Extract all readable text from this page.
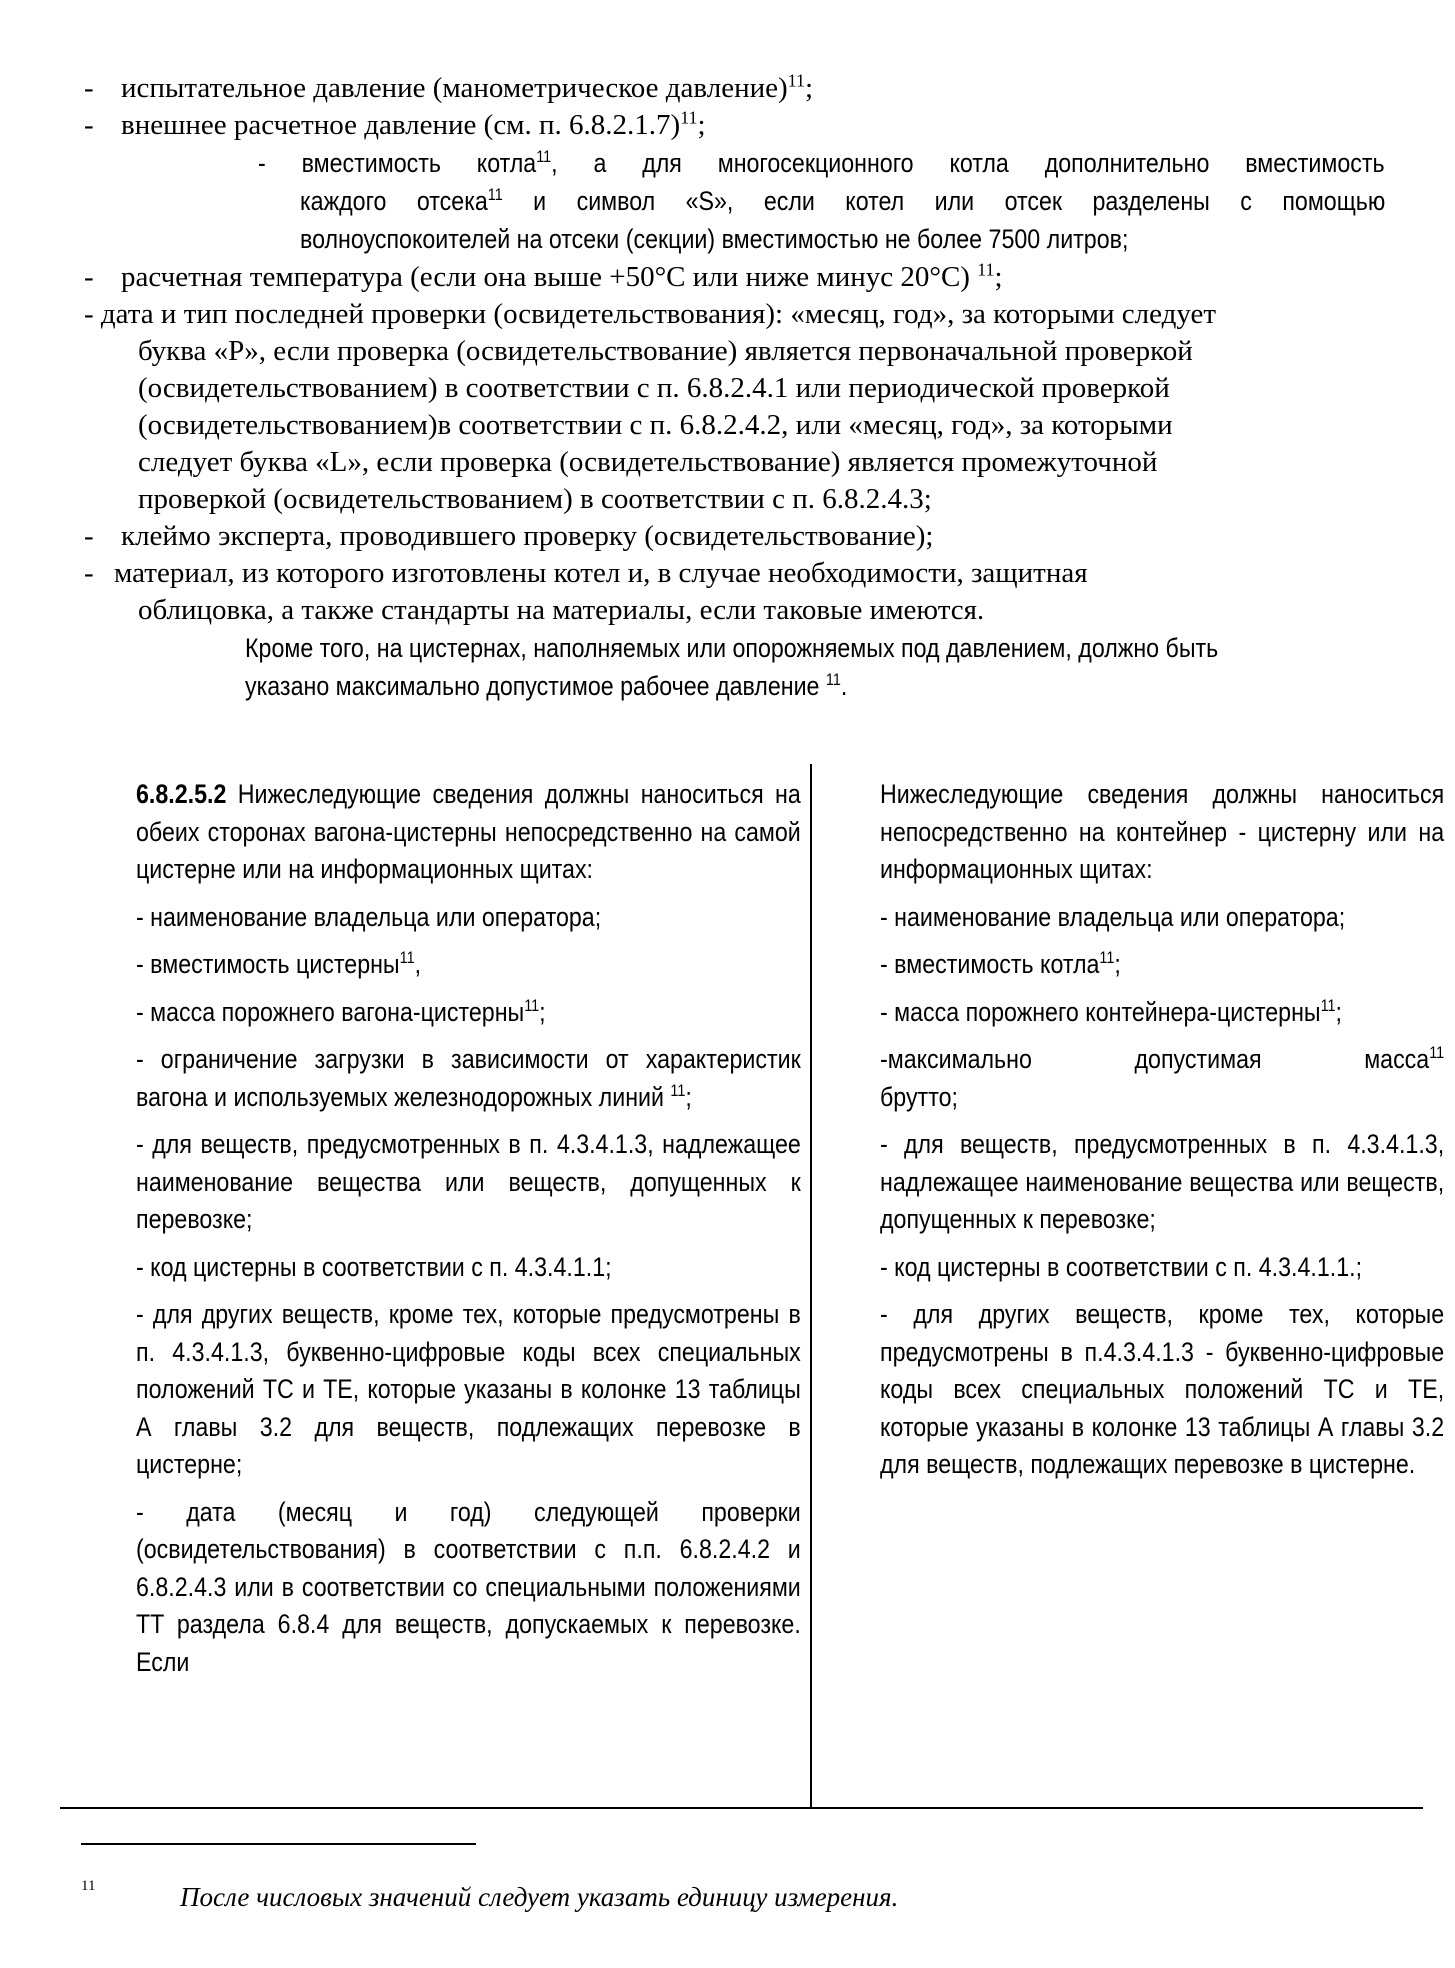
- испытательное давление (манометрическое давление)$^{11}$;
- внешнее расчетное давление (см. п. 6.8.2.1.7)$^{11}$;
- вместимость котла$^{11}$, а для многосекционного котла дополнительно вместимость
каждого отсека$^{11}$ и символ «S», если котел или отсек разделены с помощью
волноуспокоителей на отсеки (секции) вместимостью не более 7500 литров;
- расчетная температура (если она выше +50°C или ниже минус 20°C) $^{11}$;
- дата и тип последней проверки (освидетельствования): «месяц, год», за которыми следует
буква «P», если проверка (освидетельствование) является первоначальной проверкой
(освидетельствованием) в соответствии с п. 6.8.2.4.1 или периодической проверкой
(освидетельствованием)в соответствии с п. 6.8.2.4.2, или «месяц, год», за которыми
следует буква «L», если проверка (освидетельствование) является промежуточной
проверкой (освидетельствованием) в соответствии с п. 6.8.2.4.3;
- клеймо эксперта, проводившего проверку (освидетельствование);
- материал, из которого изготовлены котел и, в случае необходимости, защитная
облицовка, а также стандарты на материалы, если таковые имеются.
Кроме того, на цистернах, наполняемых или опорожняемых под давлением, должно быть
указано максимально допустимое рабочее давление $^{11}$.

6.8.2.5.2 Нижеследующие сведения должны наноситься на обеих сторонах вагона-цистерны непосредственно на самой цистерне или на информационных щитах:

- наименование владельца или оператора;

- вместимость цистерны$^{11}$,

- масса порожнего вагона-цистерны$^{11}$;

- ограничение загрузки в зависимости от характеристик вагона и используемых железнодорожных линий $^{11}$;

- для веществ, предусмотренных в п. 4.3.4.1.3, надлежащее наименование вещества или веществ, допущенных к перевозке;

- код цистерны в соответствии с п. 4.3.4.1.1;

- для других веществ, кроме тех, которые предусмотрены в п. 4.3.4.1.3, буквенно-цифровые коды всех специальных положений TC и TE, которые указаны в колонке 13 таблицы А главы 3.2 для веществ, подлежащих перевозке в цистерне;

- дата (месяц и год) следующей проверки (освидетельствования) в соответствии с п.п. 6.8.2.4.2 и 6.8.2.4.3 или в соответствии со специальными положениями TT раздела 6.8.4 для веществ, допускаемых к перевозке. Если

Нижеследующие сведения должны наноситься непосредственно на контейнер - цистерну или на информационных щитах:

- наименование владельца или оператора;

- вместимость котла$^{11}$;

- масса порожнего контейнера-цистерны$^{11}$;

-максимально допустимая масса$^{11}$

брутто;

- для веществ, предусмотренных в п. 4.3.4.1.3, надлежащее наименование вещества или веществ, допущенных к перевозке;

- код цистерны в соответствии с п. 4.3.4.1.1.;

- для других веществ, кроме тех, которые предусмотрены в п.4.3.4.1.3 - буквенно-цифровые коды всех специальных положений TC и TE, которые указаны в колонке 13 таблицы А главы 3.2 для веществ, подлежащих перевозке в цистерне.

11	После числовых значений следует указать единицу измерения.
